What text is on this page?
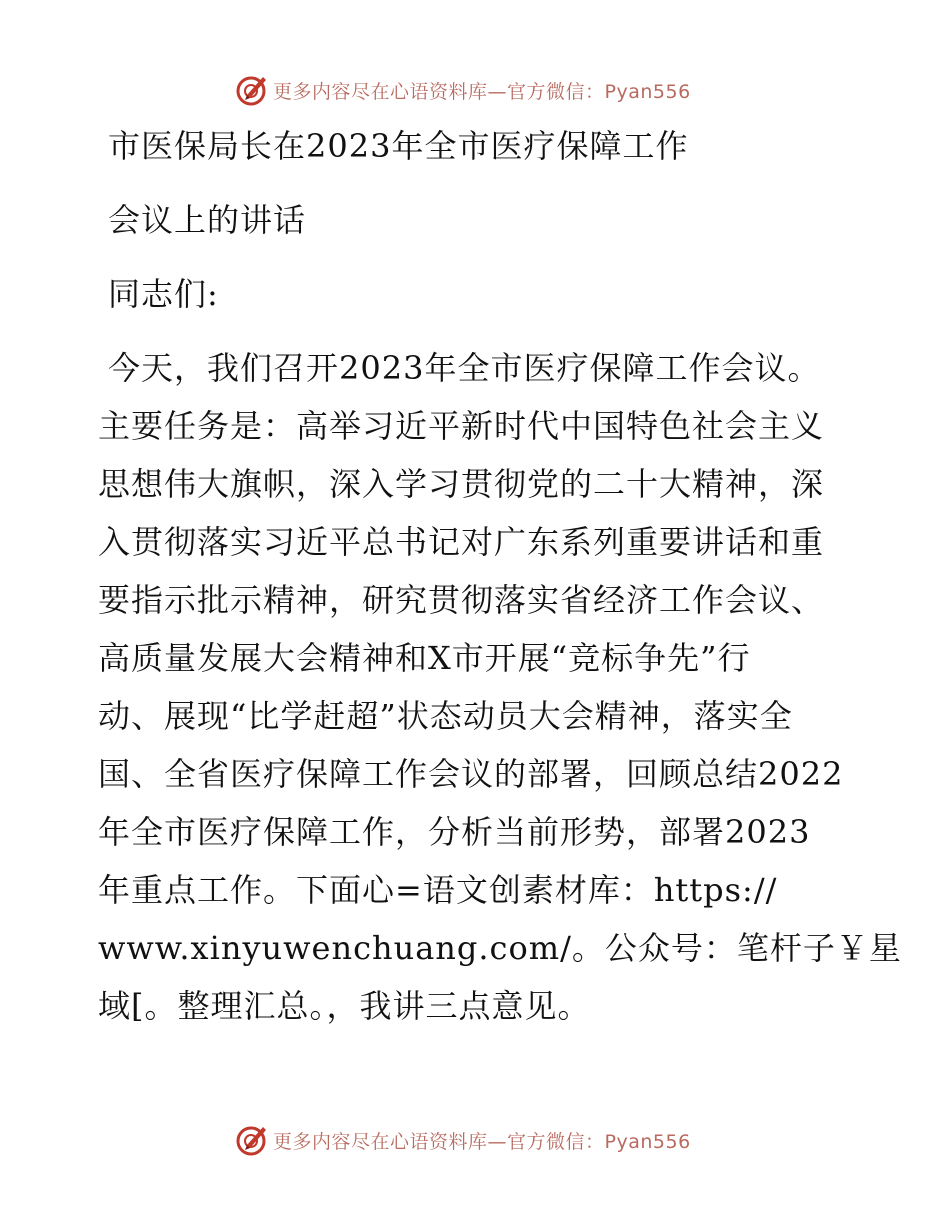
更多内容尽在心语资料库—官方微信：Pyan556

市医保局长在2023年全市医疗保障工作

会议上的讲话

同志们:

今天，我们召开2023年全市医疗保障工作会议。

主要任务是：高举习近平新时代中国特色社会主义

思想伟大旗帜，深入学习贯彻党的二十大精神，深

入贯彻落实习近平总书记对广东系列重要讲话和重

要指示批示精神，研究贯彻落实省经济工作会议、

高质量发展大会精神和X市开展“竞标争先”行

动、展现“比学赶超”状态动员大会精神，落实全

国、全省医疗保障工作会议的部署，回顾总结2022

年全市医疗保障工作，分析当前形势，部署2023

年重点工作。下面心=语文创素材库：https://

www.xinyuwenchuang.com/。公众号：笔杆子￥星

域[。整理汇总。，我讲三点意见。

更多内容尽在心语资料库—官方微信：Pyan556
